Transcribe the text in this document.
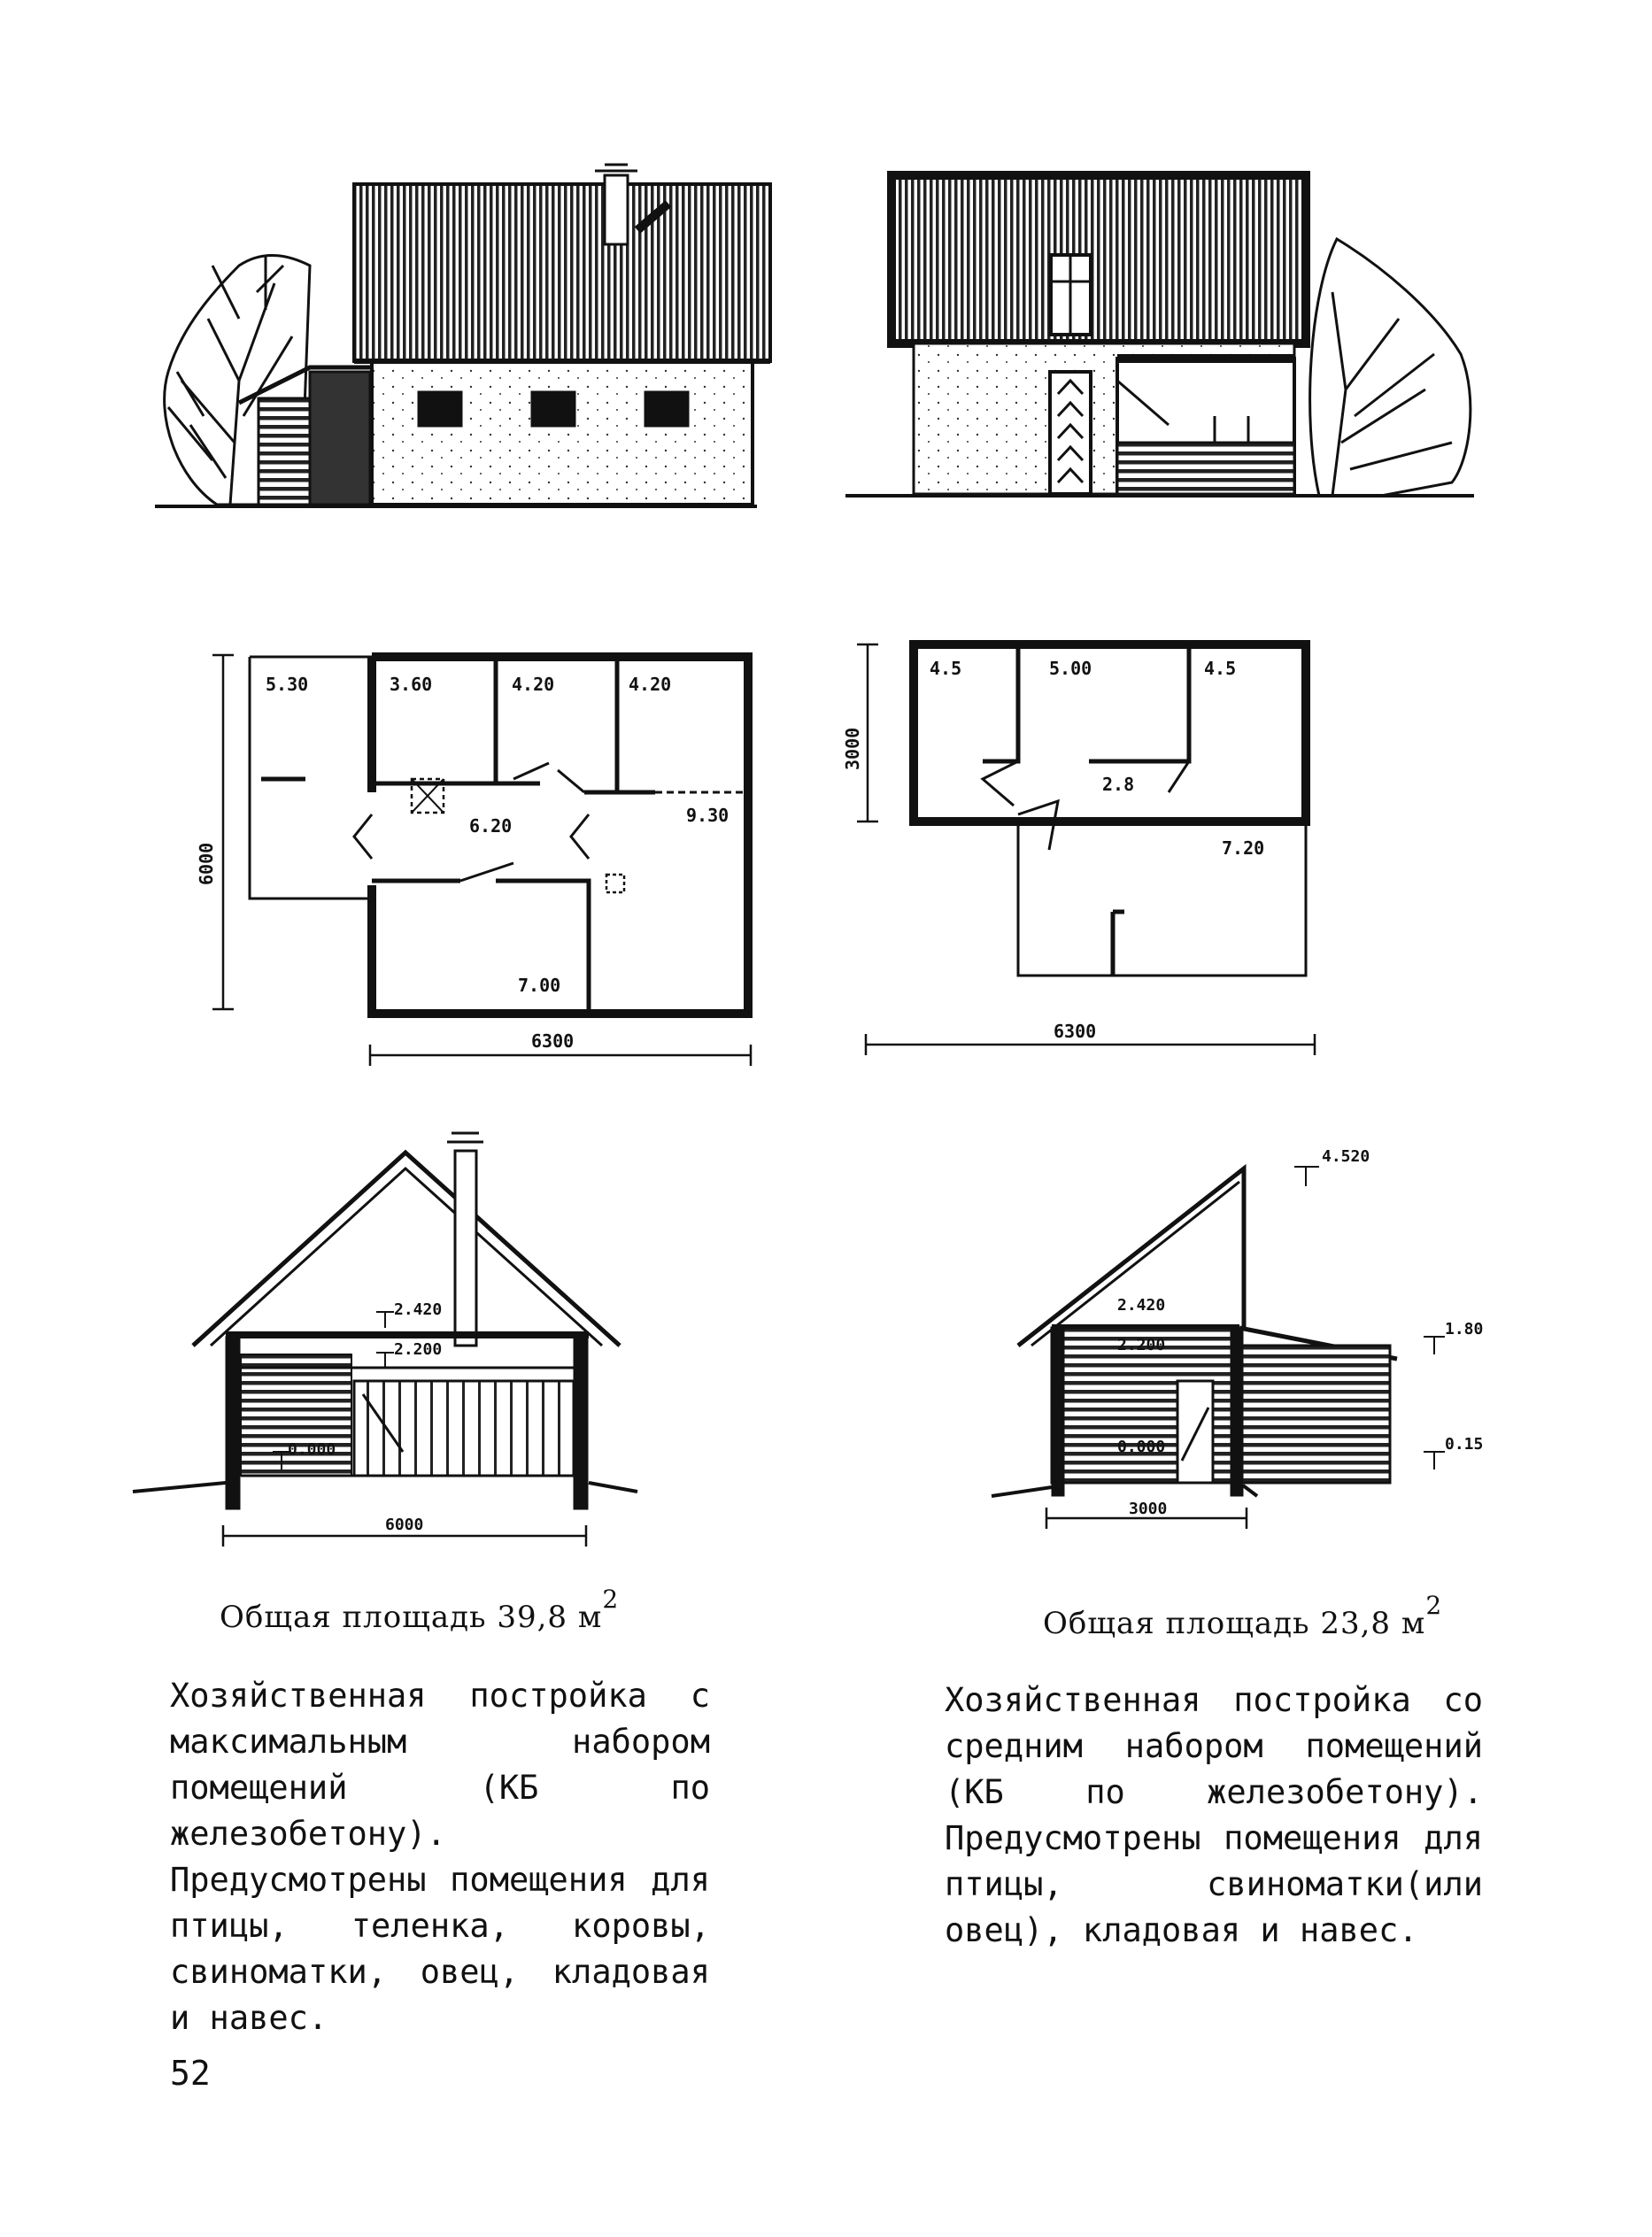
5.30	3.60	4.20	4.20
6.20	9.30
7.00
6000
6300
4.5	5.00	4.5
2.8
7.20
3000
6300
2.420
2.200
0.000
6000
4.520
2.420
2.200
1.80
0.000	0.15
3000
Общая площадь 39,8 $м^2$
Общая площадь 23,8 $м^2$
Хозяйственная постройка с максимальным набором помещений (КБ по железобетону). Предусмотрены помещения для птицы, теленка, коровы, свиноматки, овец, кладовая и навес.
Хозяйственная постройка со средним набором помещений (КБ по железобетону). Предусмотрены помещения для птицы, свиноматки(или овец), кладовая и навес.
52
